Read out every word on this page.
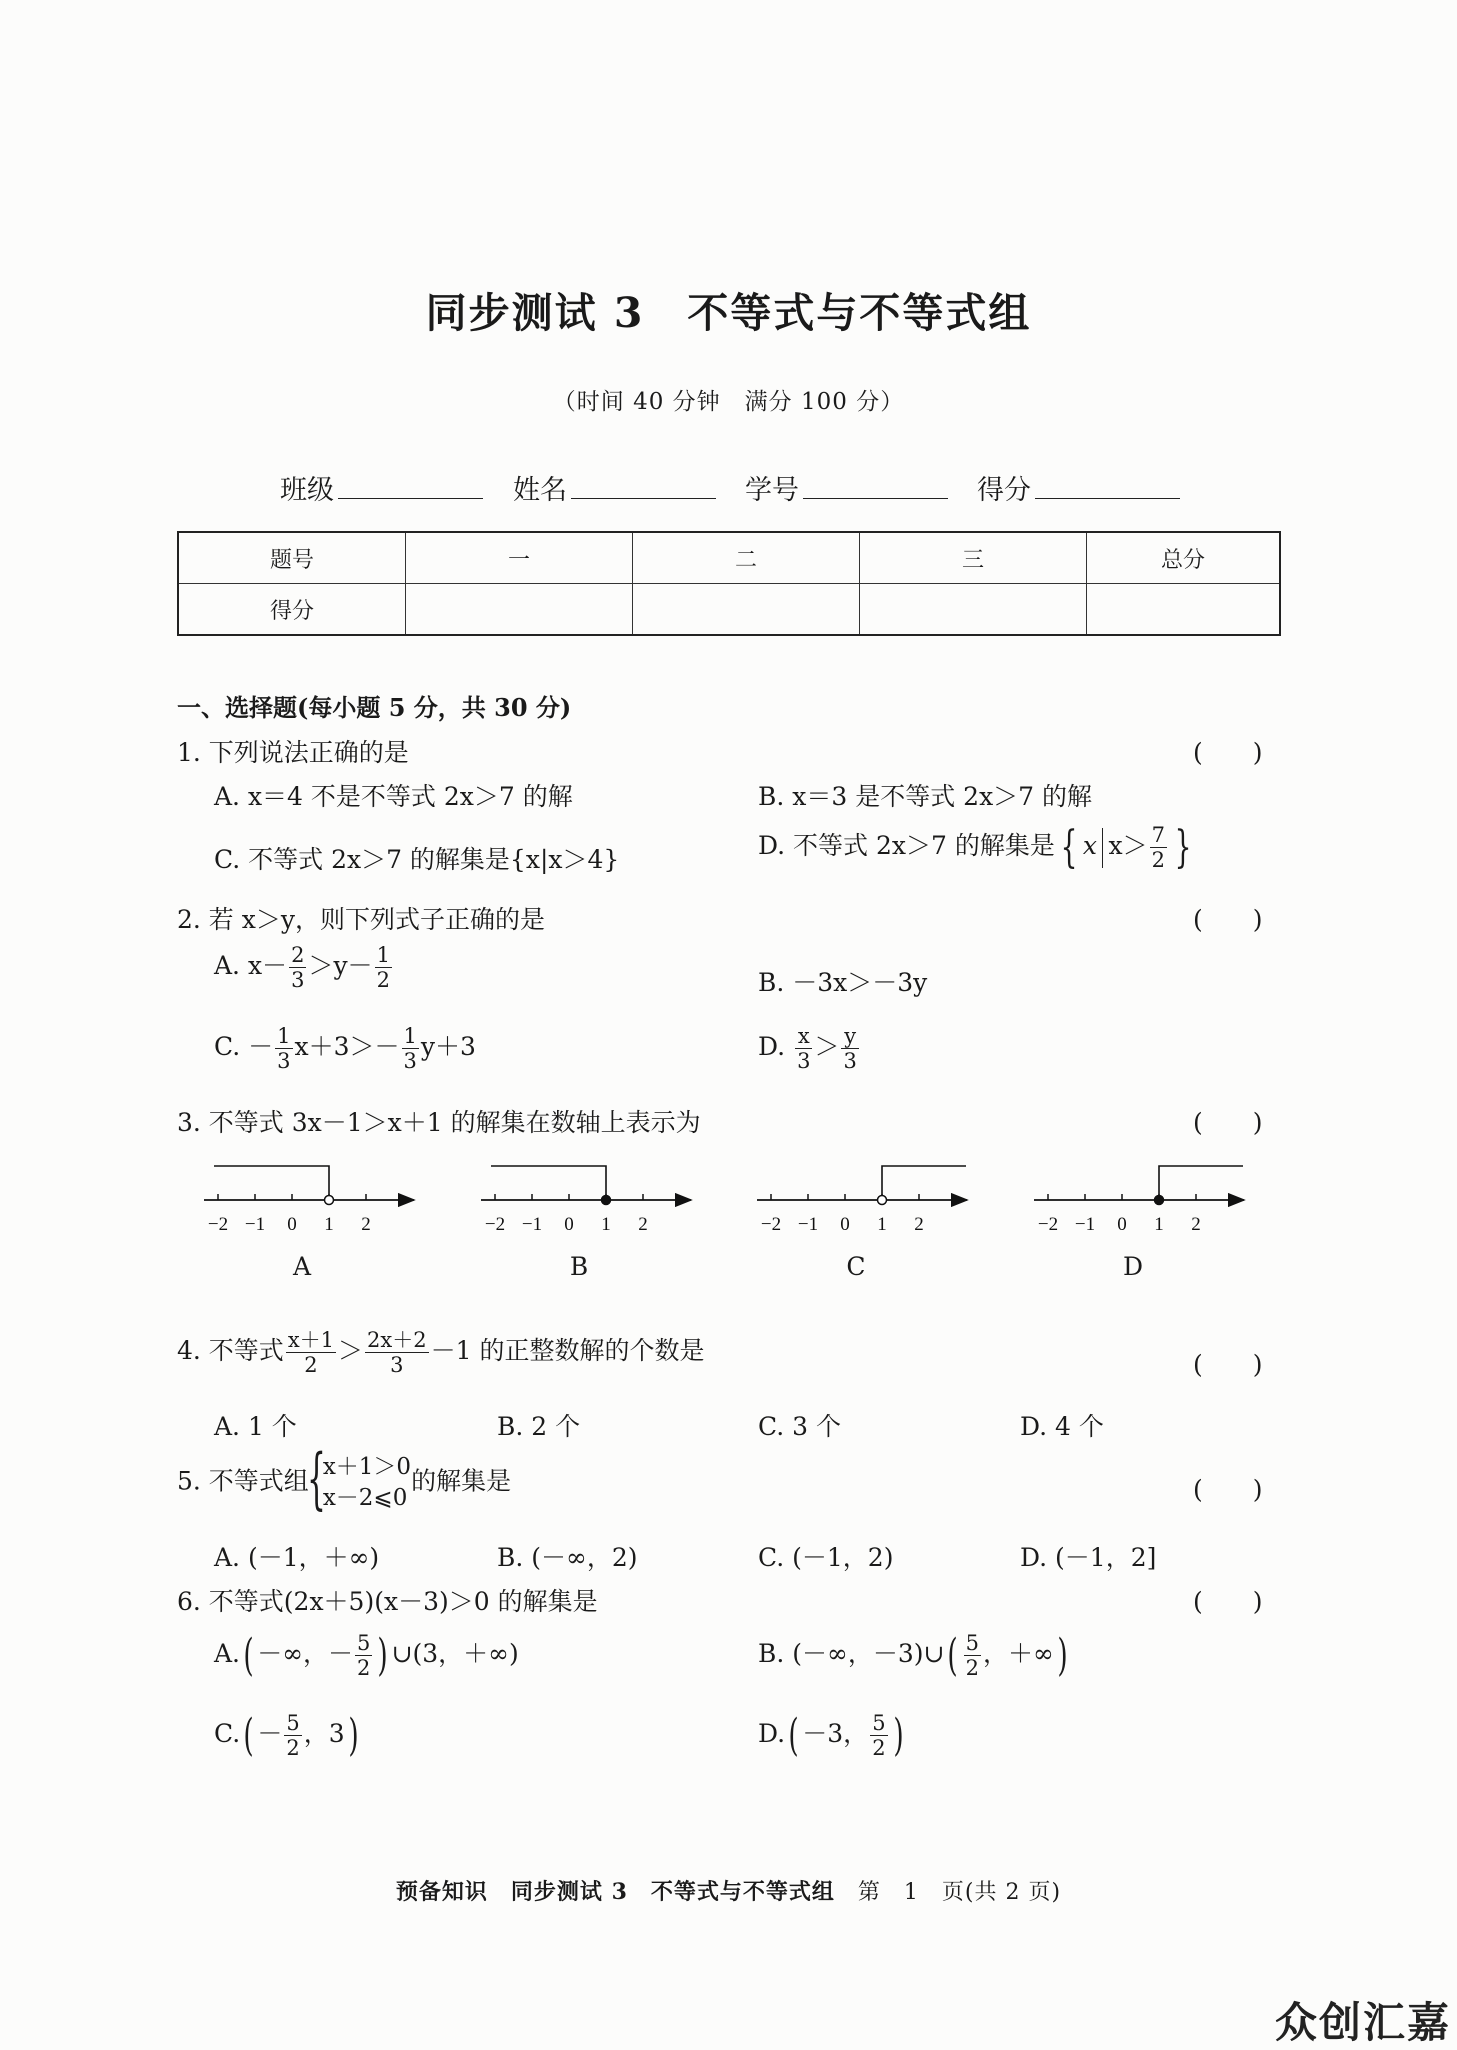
同步测试 3　不等式与不等式组
（时间 40 分钟　满分 100 分）
班级	姓名	学号	得分
题号	一	二	三	总分
得分				
一、选择题(每小题 5 分，共 30 分)
1. 下列说法正确的是	(　　)
A. x＝4 不是不等式 2x＞7 的解	B. x＝3 是不等式 2x＞7 的解
C. 不等式 2x＞7 的解集是{x|x＞4}	D. 不等式 2x＞7 的解集是 { x $x> \frac{7}{2}$ }
2. 若 x＞y，则下列式子正确的是	(　　)
A. $x- \frac{2}{3} >y- \frac{1}{2}$	B. －3x＞－3y
C. － $\frac{1}{3} x+3>- \frac{1}{3} y+3$	D. $\frac{x}{3} > \frac{y}{3}$
3. 不等式 3x－1＞x＋1 的解集在数轴上表示为	(　　)
−2 −1 0 1 2	−2 −1 0 1 2	−2 −1 0 1 2	−2 −1 0 1 2
A	B	C	D
4. 不等式 $\frac{x+1}{2} > \frac{2x+2}{3} -1$ 的正整数解的个数是	(　　)
A. 1 个	B. 2 个	C. 3 个	D. 4 个
5. 不等式组
{
x＋1＞0
x－2⩽0
的解集是	(　　)
A. (－1，＋∞)	B. (－∞，2)	C. (－1，2)	D. (－1，2]
6. 不等式(2x＋5)(x－3)＞0 的解集是	(　　)
A.( －∞，－ $\frac{5}{2}$ ) ∪(3，＋∞)	B. (－∞，－3)∪( $\frac{5}{2}$ ，＋∞)
$C.( - \frac{5}{2}$ ，3)	D.( －3， $\frac{5}{2}$ )
预备知识　同步测试 3　不等式与不等式组　 第　1　页(共 2 页)
众创汇嘉
